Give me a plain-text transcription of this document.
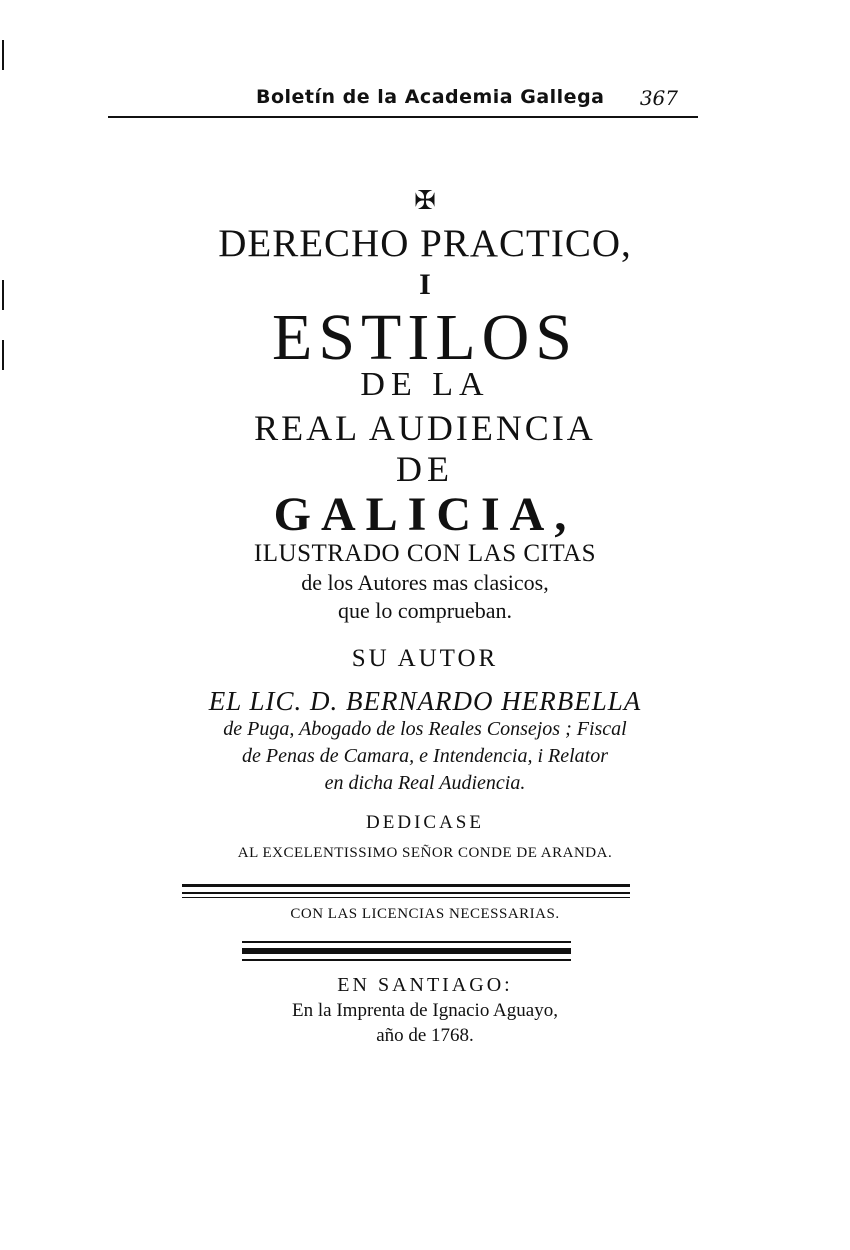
Boletín de la Academia Gallega 367
✠
DERECHO PRACTICO,
I
ESTILOS
DE LA
REAL AUDIENCIA
DE
GALICIA,
ILUSTRADO CON LAS CITAS
de los Autores mas clasicos,
que lo comprueban.
SU AUTOR
EL LIC. D. BERNARDO HERBELLA
de Puga, Abogado de los Reales Consejos ; Fiscal
de Penas de Camara, e Intendencia, i Relator
en dicha Real Audiencia.
DEDICASE
AL EXCELENTISSIMO SEÑOR CONDE DE ARANDA.
CON LAS LICENCIAS NECESSARIAS.
EN SANTIAGO:
En la Imprenta de Ignacio Aguayo,
año de 1768.
